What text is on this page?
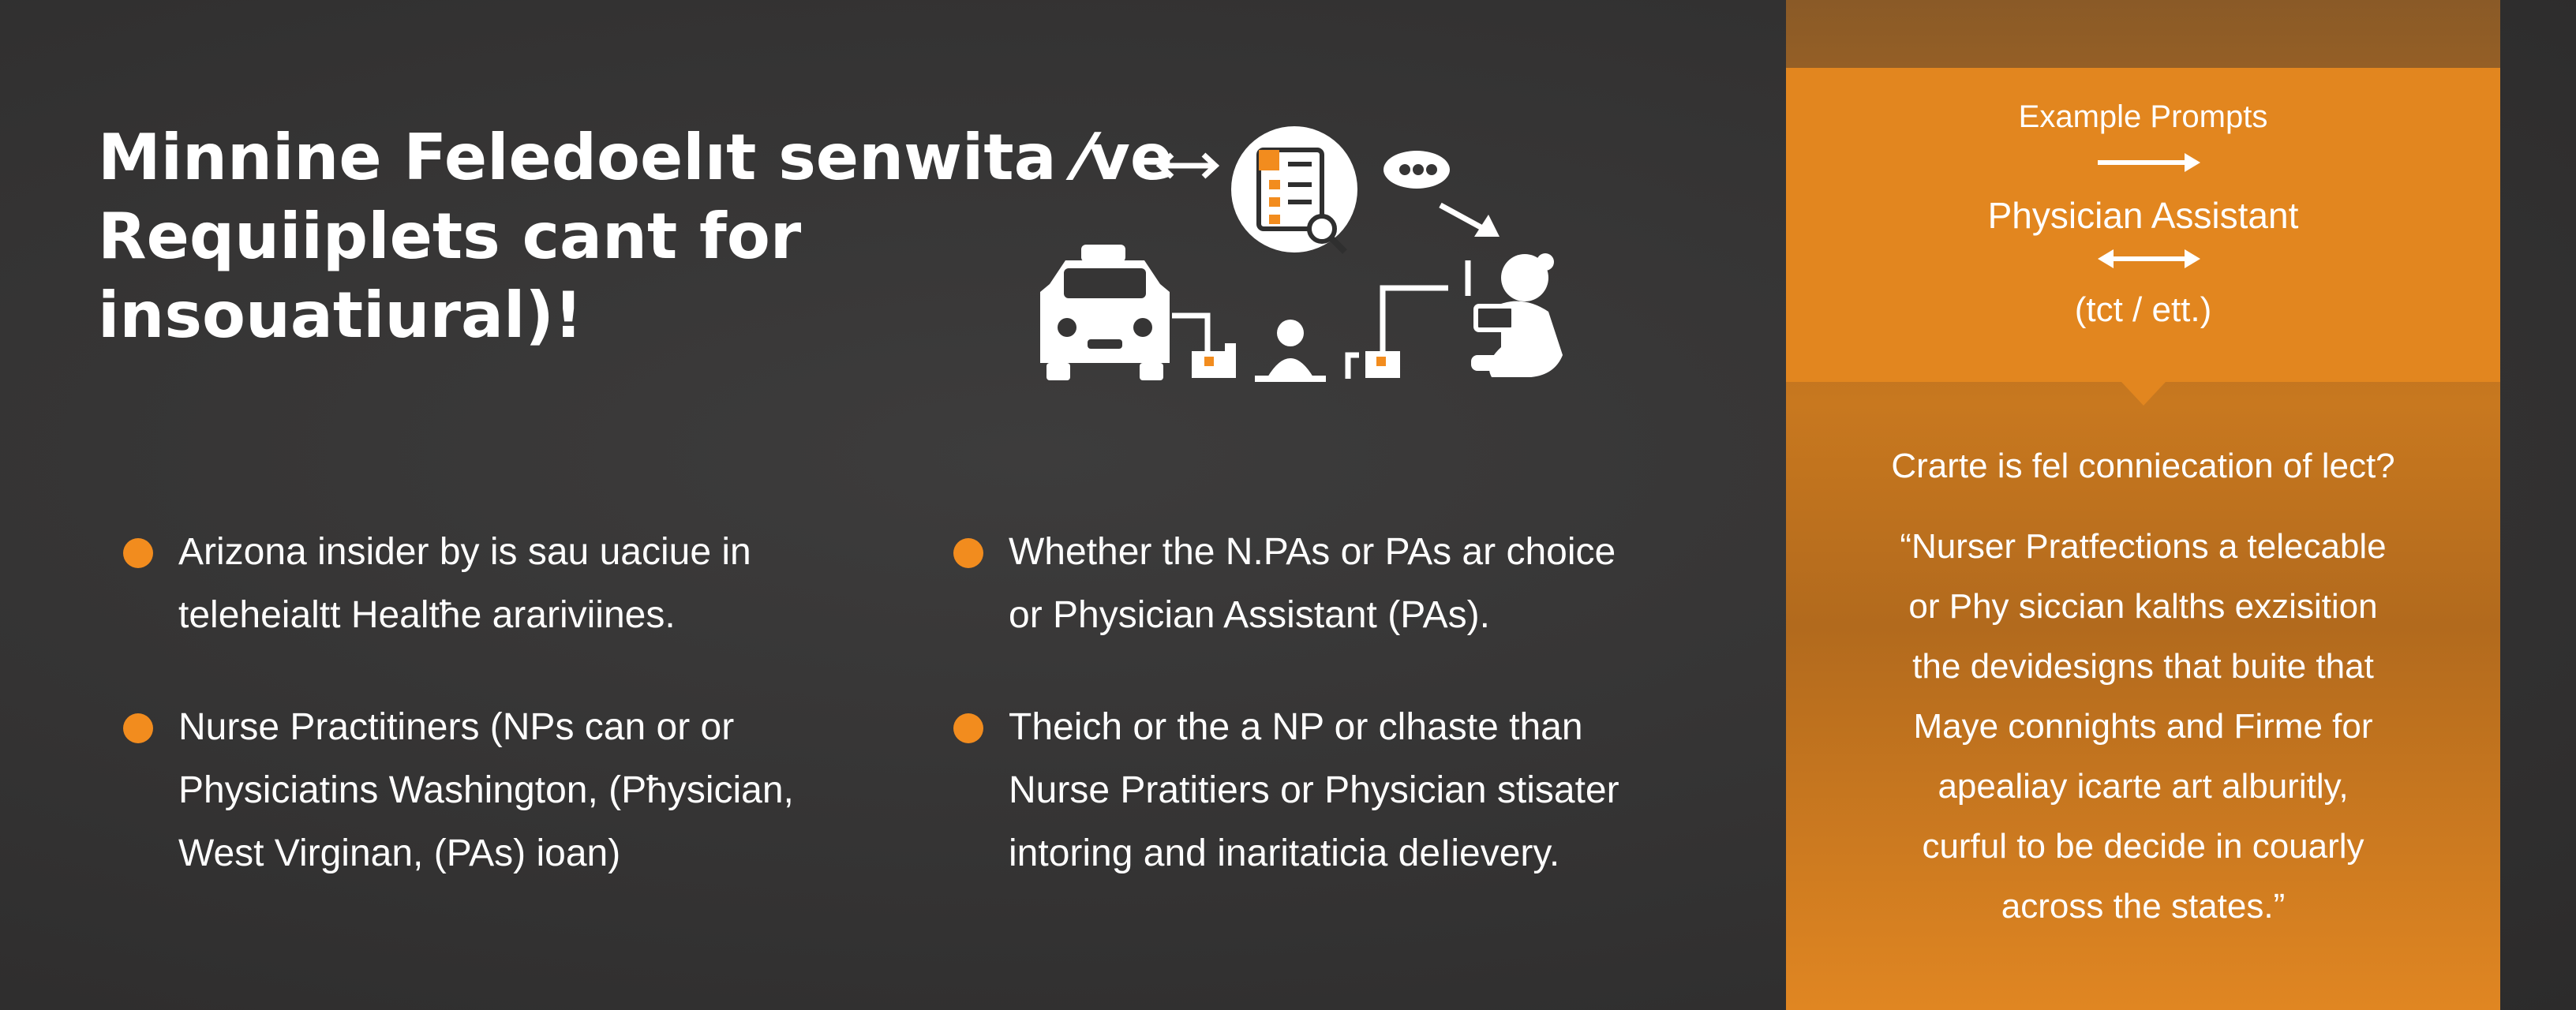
Minnine Feledoelıt senwita ⁄ve
Requiiplets cant for
insouatiural)!
Arizona insider by is sau uaciue in
teleheialtt Healtћe arariviines.
Nurse Practitiners (NPs can or or
Physiciatins Washington, (Pħysician,
West Virginan, (PAs) ioan)
Whether the N.PAs or PAs ar choice
or Physician Assistant (PAs).
Theich or the a NP or clhaste than
Nurse Pratitiers or Physician stisater
intoring and inaritaticia deIievery.
Example Prompts
Physician Assistant
(tct / ett.)
Crarte is fel conniecation of lect?
“Nurser Pratfections a telecable
or Phy siccian kalths exzisition
the devidesigns that buite that
Maye connights and Firme for
apealiay icarte art alburitly,
curful to be decide in couarly
across the states.”
